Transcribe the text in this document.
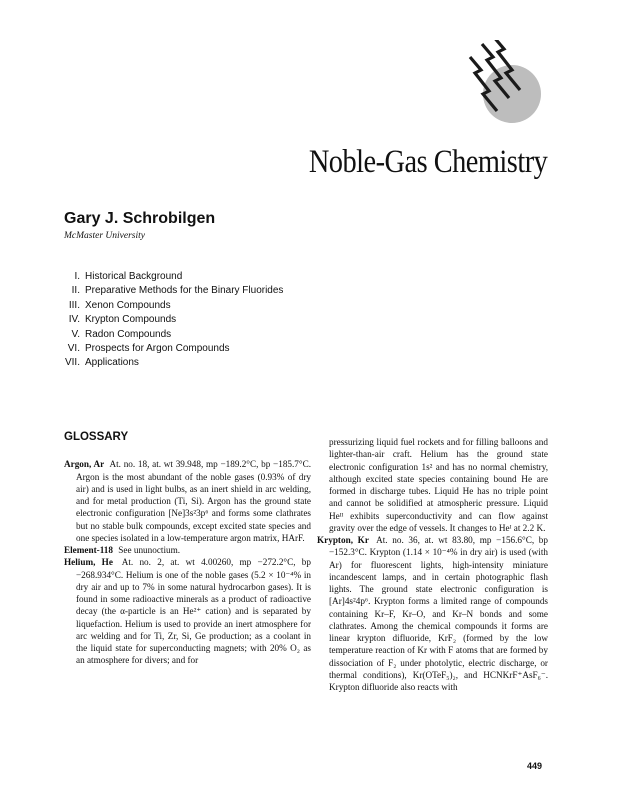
Noble-Gas Chemistry
Gary J. Schrobilgen
McMaster University
I. Historical Background
II. Preparative Methods for the Binary Fluorides
III. Xenon Compounds
IV. Krypton Compounds
V. Radon Compounds
VI. Prospects for Argon Compounds
VII. Applications
GLOSSARY

Argon, Ar At. no. 18, at. wt 39.948, mp −189.2°C, bp −185.7°C. Argon is the most abundant of the noble gases (0.93% of dry air) and is used in light bulbs, as an inert shield in arc welding, and for metal production (Ti, Si). Argon has the ground state electronic configuration [Ne]3s²3p⁶ and forms some clathrates but no stable bulk compounds, except excited state species and one species isolated in a low-temperature argon matrix, HArF.

Element-118 See ununoctium.

Helium, He At. no. 2, at. wt 4.00260, mp −272.2°C, bp −268.934°C. Helium is one of the noble gases (5.2 × 10⁻⁴% in dry air and up to 7% in some natural hydrocarbon gases). It is found in some radioactive minerals as a product of radioactive decay (the α-particle is an He²⁺ cation) and is separated by liquefaction. Helium is used to provide an inert atmosphere for arc welding and for Ti, Zr, Si, Ge production; as a coolant in the liquid state for superconducting magnets; with 20% O₂ as an atmosphere for divers; and for

pressurizing liquid fuel rockets and for filling balloons and lighter-than-air craft. Helium has the ground state electronic configuration 1s² and has no normal chemistry, although excited state species containing bound He are formed in discharge tubes. Liquid He has no triple point and cannot be solidified at atmospheric pressure. Liquid Heᴵᴵ exhibits superconductivity and can flow against gravity over the edge of vessels. It changes to Heᴵ at 2.2 K.

Krypton, Kr At. no. 36, at. wt 83.80, mp −156.6°C, bp −152.3°C. Krypton (1.14 × 10⁻⁴% in dry air) is used (with Ar) for fluorescent lights, high-intensity miniature incandescent lamps, and in certain photographic flash lights. The ground state electronic configuration is [Ar]4s²4p⁶. Krypton forms a limited range of compounds containing Kr–F, Kr–O, and Kr–N bonds and some clathrates. Among the chemical compounds it forms are linear krypton difluoride, KrF₂ (formed by the low temperature reaction of Kr with F atoms that are formed by dissociation of F₂ under photolytic, electric discharge, or thermal conditions), Kr(OTeF₅)₂, and HCNKrF⁺AsF₆⁻. Krypton difluoride also reacts with

449
